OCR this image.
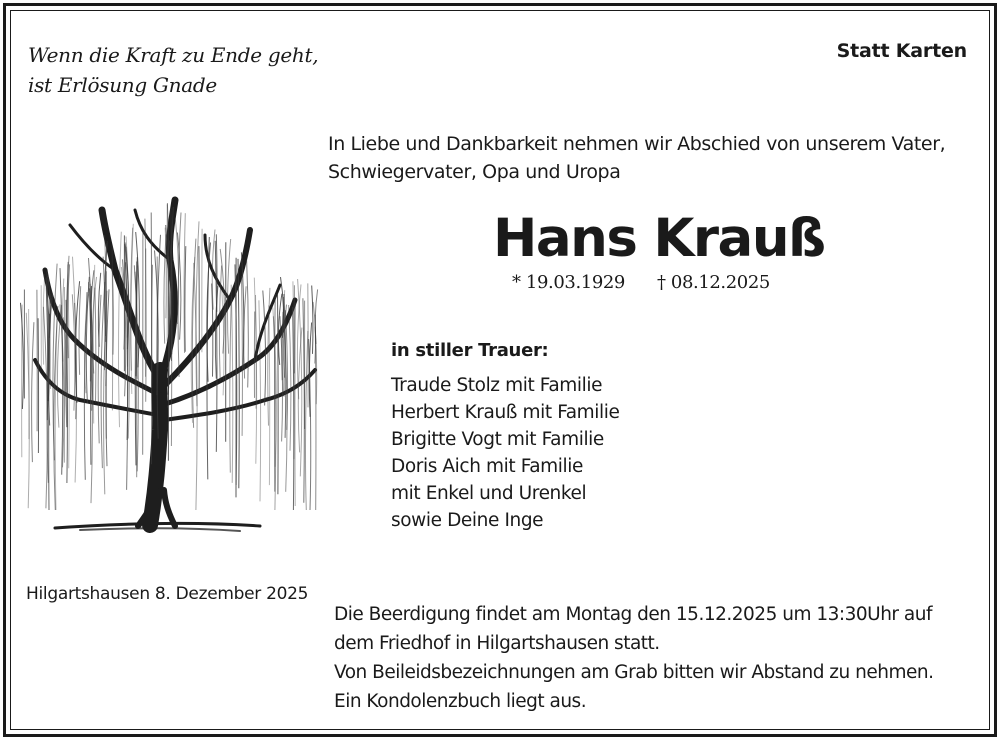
Wenn die Kraft zu Ende geht,
ist Erlösung Gnade
Statt Karten
In Liebe und Dankbarkeit nehmen wir Abschied von unserem Vater,
Schwiegervater, Opa und Uropa
Hans Krauß
* 19.03.1929 † 08.12.2025
in stiller Trauer:
Traude Stolz mit Familie
Herbert Krauß mit Familie
Brigitte Vogt mit Familie
Doris Aich mit Familie
mit Enkel und Urenkel
sowie Deine Inge
Hilgartshausen 8. Dezember 2025
Die Beerdigung findet am Montag den 15.12.2025 um 13:30Uhr auf
dem Friedhof in Hilgartshausen statt.
Von Beileidsbezeichnungen am Grab bitten wir Abstand zu nehmen.
Ein Kondolenzbuch liegt aus.
